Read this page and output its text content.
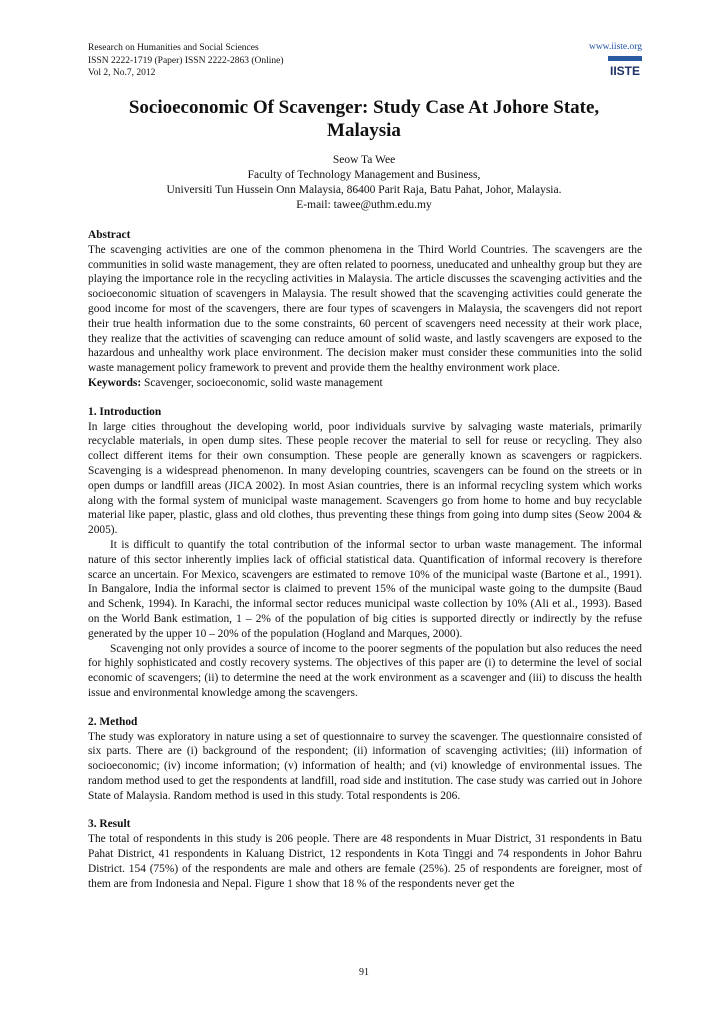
Research on Humanities and Social Sciences
ISSN 2222-1719 (Paper) ISSN 2222-2863 (Online)
Vol 2, No.7, 2012
www.iiste.org
IISTE
Socioeconomic Of Scavenger: Study Case At Johore State,
Malaysia
Seow Ta Wee
Faculty of Technology Management and Business,
Universiti Tun Hussein Onn Malaysia, 86400 Parit Raja, Batu Pahat, Johor, Malaysia.
E-mail: tawee@uthm.edu.my

Abstract

The scavenging activities are one of the common phenomena in the Third World Countries. The scavengers are the communities in solid waste management, they are often related to poorness, uneducated and unhealthy group but they are playing the importance role in the recycling activities in Malaysia. The article discusses the scavenging activities and the socioeconomic situation of scavengers in Malaysia. The result showed that the scavenging activities could generate the good income for most of the scavengers, there are four types of scavengers in Malaysia, the scavengers did not report their true health information due to the some constraints, 60 percent of scavengers need necessity at their work place, they realize that the activities of scavenging can reduce amount of solid waste, and lastly scavengers are exposed to the hazardous and unhealthy work place environment. The decision maker must consider these communities into the solid waste management policy framework to prevent and provide them the healthy environment work place.

Keywords: Scavenger, socioeconomic, solid waste management

1. Introduction

In large cities throughout the developing world, poor individuals survive by salvaging waste materials, primarily recyclable materials, in open dump sites. These people recover the material to sell for reuse or recycling. They also collect different items for their own consumption. These people are generally known as scavengers or ragpickers. Scavenging is a widespread phenomenon. In many developing countries, scavengers can be found on the streets or in open dumps or landfill areas (JICA 2002). In most Asian countries, there is an informal recycling system which works along with the formal system of municipal waste management. Scavengers go from home to home and buy recyclable material like paper, plastic, glass and old clothes, thus preventing these things from going into dump sites (Seow 2004 & 2005).

It is difficult to quantify the total contribution of the informal sector to urban waste management. The informal nature of this sector inherently implies lack of official statistical data. Quantification of informal recovery is therefore scarce an uncertain. For Mexico, scavengers are estimated to remove 10% of the municipal waste (Bartone et al., 1991). In Bangalore, India the informal sector is claimed to prevent 15% of the municipal waste going to the dumpsite (Baud and Schenk, 1994). In Karachi, the informal sector reduces municipal waste collection by 10% (Ali et al., 1993). Based on the World Bank estimation, 1 – 2% of the population of big cities is supported directly or indirectly by the refuse generated by the upper 10 – 20% of the population (Hogland and Marques, 2000).

Scavenging not only provides a source of income to the poorer segments of the population but also reduces the need for highly sophisticated and costly recovery systems. The objectives of this paper are (i) to determine the level of social economic of scavengers; (ii) to determine the need at the work environment as a scavenger and (iii) to discuss the health issue and environmental knowledge among the scavengers.

2. Method

The study was exploratory in nature using a set of questionnaire to survey the scavenger. The questionnaire consisted of six parts. There are (i) background of the respondent; (ii) information of scavenging activities; (iii) information of socioeconomic; (iv) income information; (v) information of health; and (vi) knowledge of environmental issues. The random method used to get the respondents at landfill, road side and institution. The case study was carried out in Johore State of Malaysia. Random method is used in this study. Total respondents is 206.

3. Result

The total of respondents in this study is 206 people. There are 48 respondents in Muar District, 31 respondents in Batu Pahat District, 41 respondents in Kaluang District, 12 respondents in Kota Tinggi and 74 respondents in Johor Bahru District. 154 (75%) of the respondents are male and others are female (25%). 25 of respondents are foreigner, most of them are from Indonesia and Nepal. Figure 1 show that 18 % of the respondents never get the

91
